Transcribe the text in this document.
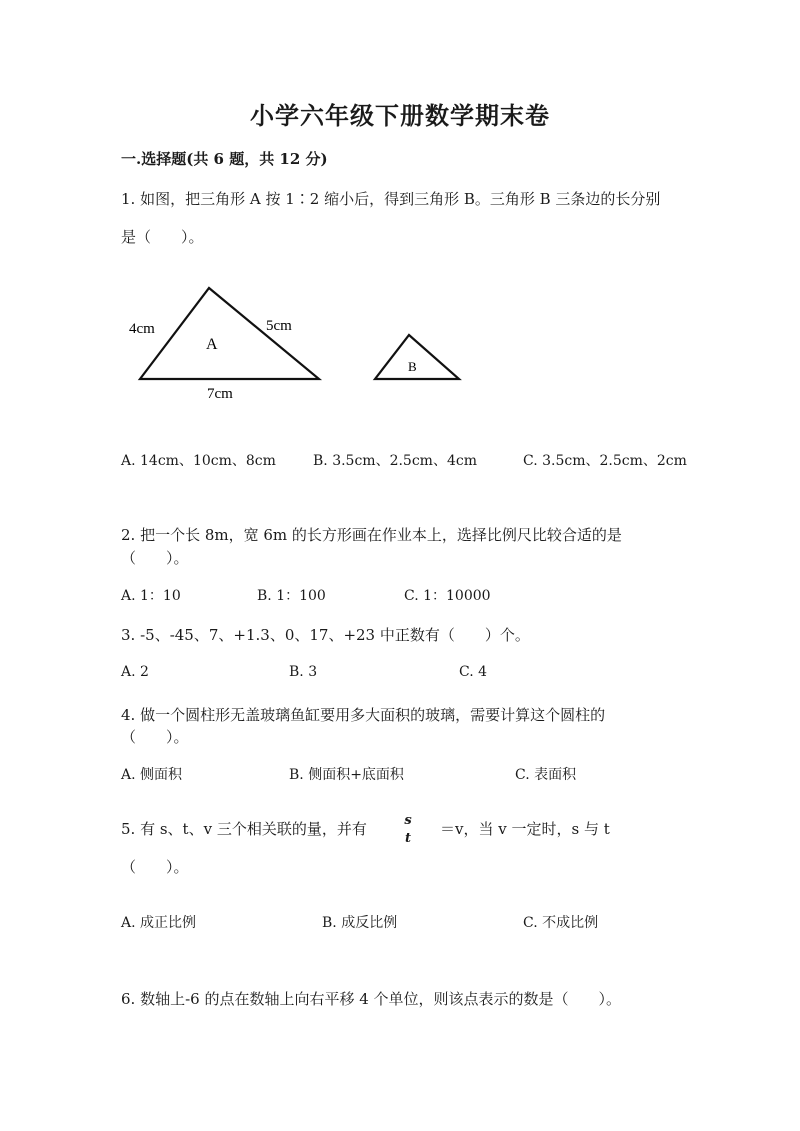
小学六年级下册数学期末卷
一.选择题(共 6 题，共 12 分)
1. 如图，把三角形 A 按 1∶2 缩小后，得到三角形 B。三角形 B 三条边的长分别
是（　　）。
4cm	5cm
7cm
A
B
A. 14cm、10cm、8cm	B. 3.5cm、2.5cm、4cm	C. 3.5cm、2.5cm、2cm
2. 把一个长 8m，宽 6m 的长方形画在作业本上，选择比例尺比较合适的是
（　　）。
A. 1：10	B. 1：100	C. 1：10000
3. -5、-45、7、+1.3、0、17、+23 中正数有（　　）个。
A. 2	B. 3	C. 4
4. 做一个圆柱形无盖玻璃鱼缸要用多大面积的玻璃，需要计算这个圆柱的
（　　）。
A. 侧面积	B. 侧面积+底面积	C. 表面积
5. 有 s、t、v 三个相关联的量，并有	s
t
＝v，当 v 一定时，s 与 t
（　　）。
A. 成正比例	B. 成反比例	C. 不成比例
6. 数轴上-6 的点在数轴上向右平移 4 个单位，则该点表示的数是（　　）。
